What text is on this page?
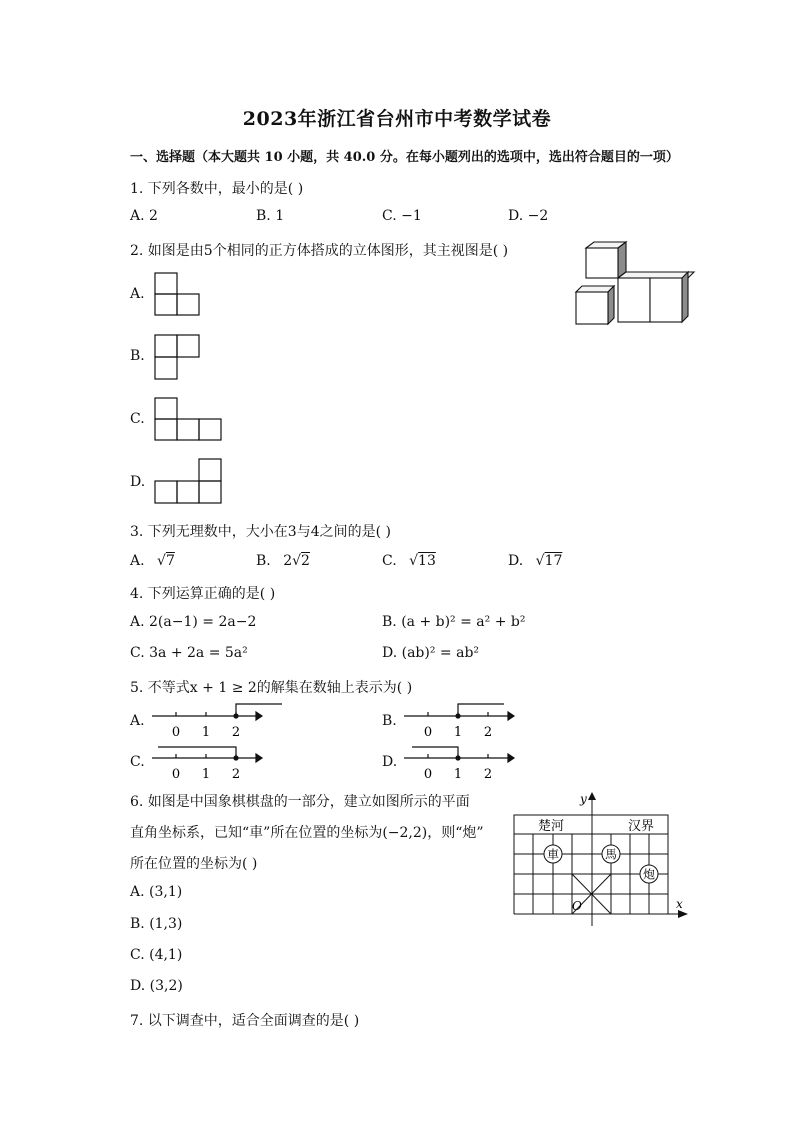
2023年浙江省台州市中考数学试卷
一、选择题（本大题共 10 小题，共 40.0 分。在每小题列出的选项中，选出符合题目的一项）
1. 下列各数中，最小的是( )
A. 2	B. 1	C. −1	D. −2
2. 如图是由5个相同的正方体搭成的立体图形，其主视图是( )
A.
B.
C.
D.
3. 下列无理数中，大小在3与4之间的是( )
A. √7	B. 2√2	C. √13	D. √17
4. 下列运算正确的是( )
A. 2(a−1) = 2a−2	B. (a + b)² = a² + b²
C. 3a + 2a = 5a²	D. (ab)² = ab²
5. 不等式x + 1 ≥ 2的解集在数轴上表示为( )
A.
0 1 2
B.
0 1 2
C.
0 1 2
D.
0 1 2
6. 如图是中国象棋棋盘的一部分，建立如图所示的平面
直角坐标系，已知“車”所在位置的坐标为(−2,2)，则“炮”
所在位置的坐标为( )
A. (3,1)
B. (1,3)
C. (4,1)
D. (3,2)
y
x
O
楚河	汉界
車	馬
炮
7. 以下调查中，适合全面调查的是( )
